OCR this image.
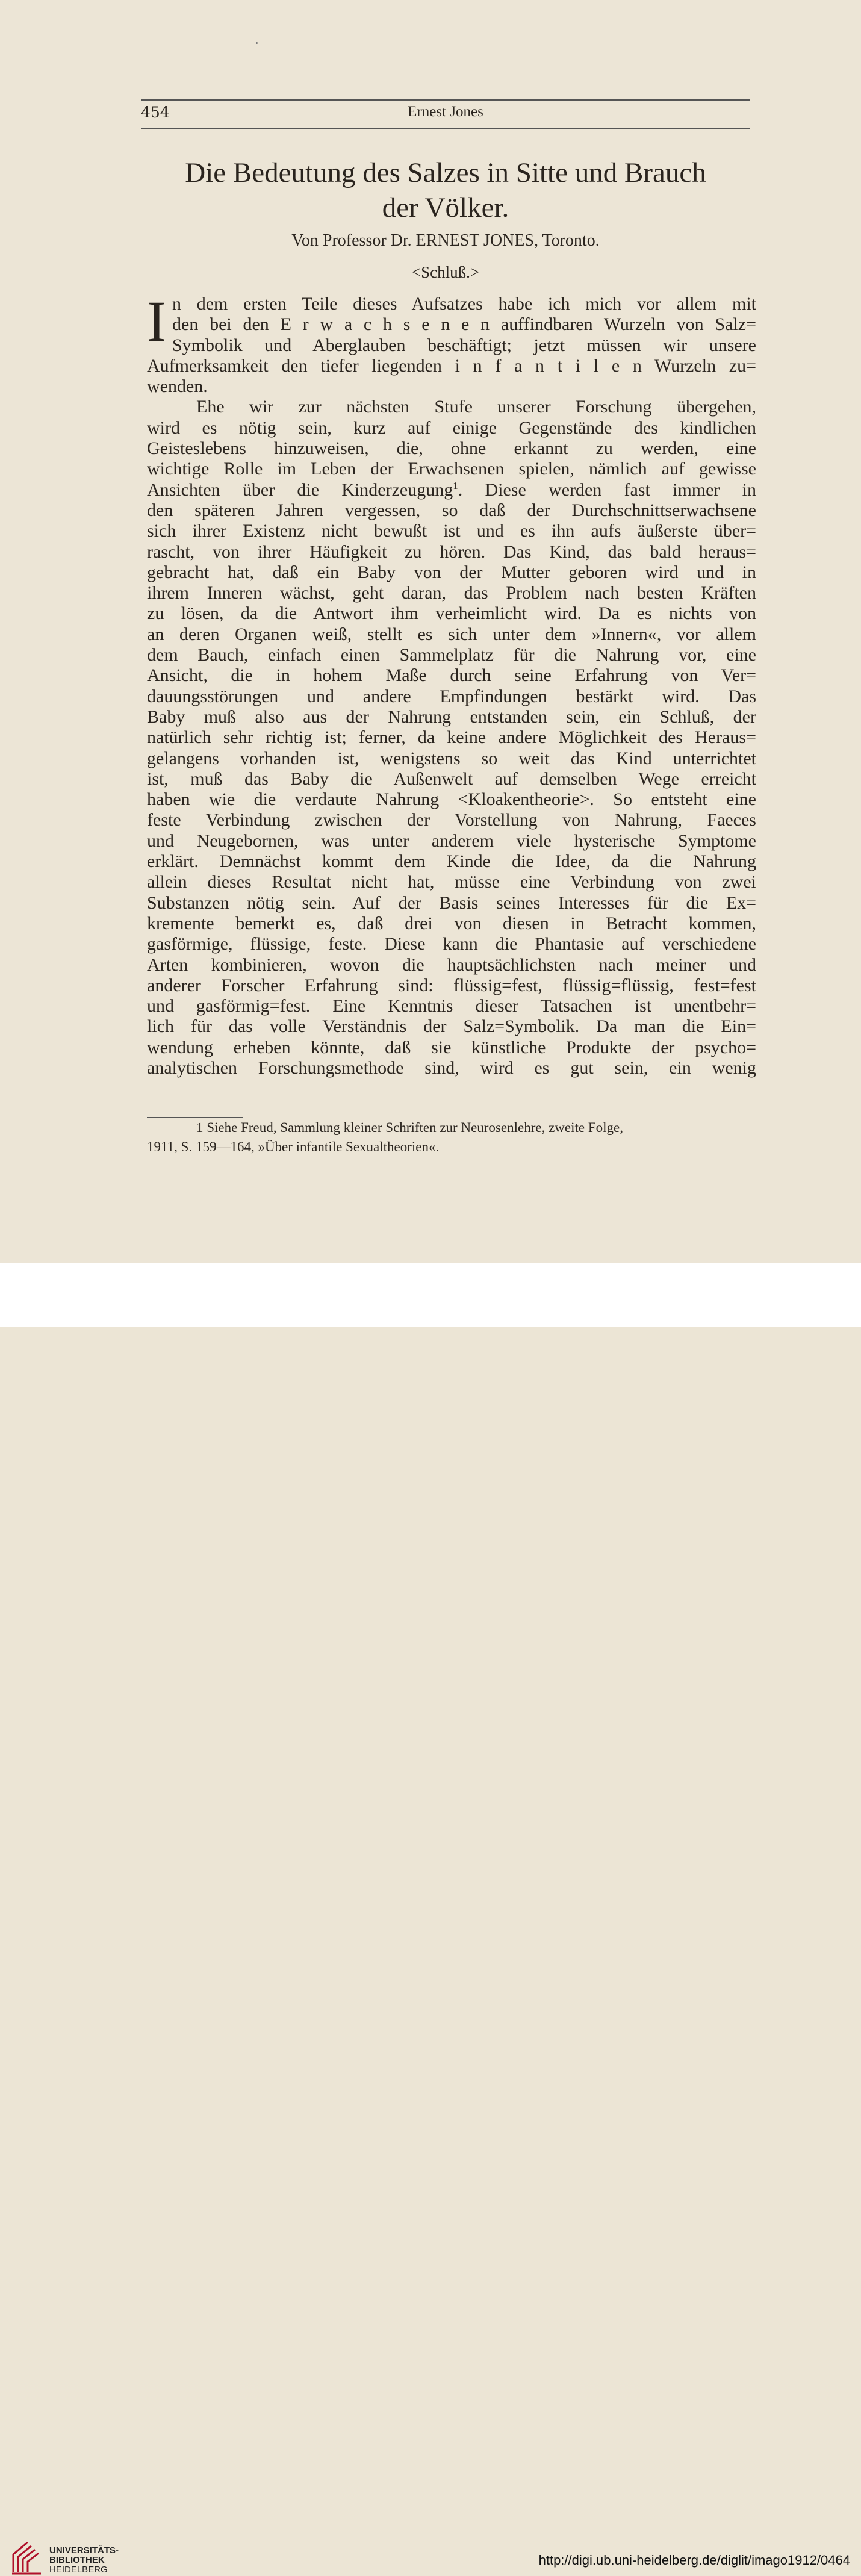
454	Ernest Jones
Die Bedeutung des Salzes in Sitte und Brauch
der Völker.
Von Professor Dr. ERNEST JONES, Toronto.
<Schluß.>
I n dem ersten Teile dieses Aufsatzes habe ich mich vor allem mit
den bei den E r w a c h s e n e n auffindbaren Wurzeln von Salz=
Symbolik und Aberglauben beschäftigt; jetzt müssen wir unsere
Aufmerksamkeit den tiefer liegenden i n f a n t i l e n Wurzeln zu=
wenden.
Ehe wir zur nächsten Stufe unserer Forschung übergehen,
wird es nötig sein, kurz auf einige Gegenstände des kindlichen
Geisteslebens hinzuweisen, die, ohne erkannt zu werden, eine
wichtige Rolle im Leben der Erwachsenen spielen, nämlich auf gewisse
Ansichten über die Kinderzeugung$^1$. Diese werden fast immer in
den späteren Jahren vergessen, so daß der Durchschnittserwachsene
sich ihrer Existenz nicht bewußt ist und es ihn aufs äußerste über=
rascht, von ihrer Häufigkeit zu hören. Das Kind, das bald heraus=
gebracht hat, daß ein Baby von der Mutter geboren wird und in
ihrem Inneren wächst, geht daran, das Problem nach besten Kräften
zu lösen, da die Antwort ihm verheimlicht wird. Da es nichts von
an deren Organen weiß, stellt es sich unter dem »Innern«, vor allem
dem Bauch, einfach einen Sammelplatz für die Nahrung vor, eine
Ansicht, die in hohem Maße durch seine Erfahrung von Ver=
dauungsstörungen und andere Empfindungen bestärkt wird. Das
Baby muß also aus der Nahrung entstanden sein, ein Schluß, der
natürlich sehr richtig ist; ferner, da keine andere Möglichkeit des Heraus=
gelangens vorhanden ist, wenigstens so weit das Kind unterrichtet
ist, muß das Baby die Außenwelt auf demselben Wege erreicht
haben wie die verdaute Nahrung <Kloakentheorie>. So entsteht eine
feste Verbindung zwischen der Vorstellung von Nahrung, Faeces
und Neugebornen, was unter anderem viele hysterische Symptome
erklärt. Demnächst kommt dem Kinde die Idee, da die Nahrung
allein dieses Resultat nicht hat, müsse eine Verbindung von zwei
Substanzen nötig sein. Auf der Basis seines Interesses für die Ex=
kremente bemerkt es, daß drei von diesen in Betracht kommen,
gasförmige, flüssige, feste. Diese kann die Phantasie auf verschiedene
Arten kombinieren, wovon die hauptsächlichsten nach meiner und
anderer Forscher Erfahrung sind: flüssig=fest, flüssig=flüssig, fest=fest
und gasförmig=fest. Eine Kenntnis dieser Tatsachen ist unentbehr=
lich für das volle Verständnis der Salz=Symbolik. Da man die Ein=
wendung erheben könnte, daß sie künstliche Produkte der psycho=
analytischen Forschungsmethode sind, wird es gut sein, ein wenig
1 Siehe Freud, Sammlung kleiner Schriften zur Neurosenlehre, zweite Folge,
1911, S. 159—164, »Über infantile Sexualtheorien«.
UNIVERSITÄTS-
BIBLIOTHEK
HEIDELBERG
http://digi.ub.uni-heidelberg.de/diglit/imago1912/0464
